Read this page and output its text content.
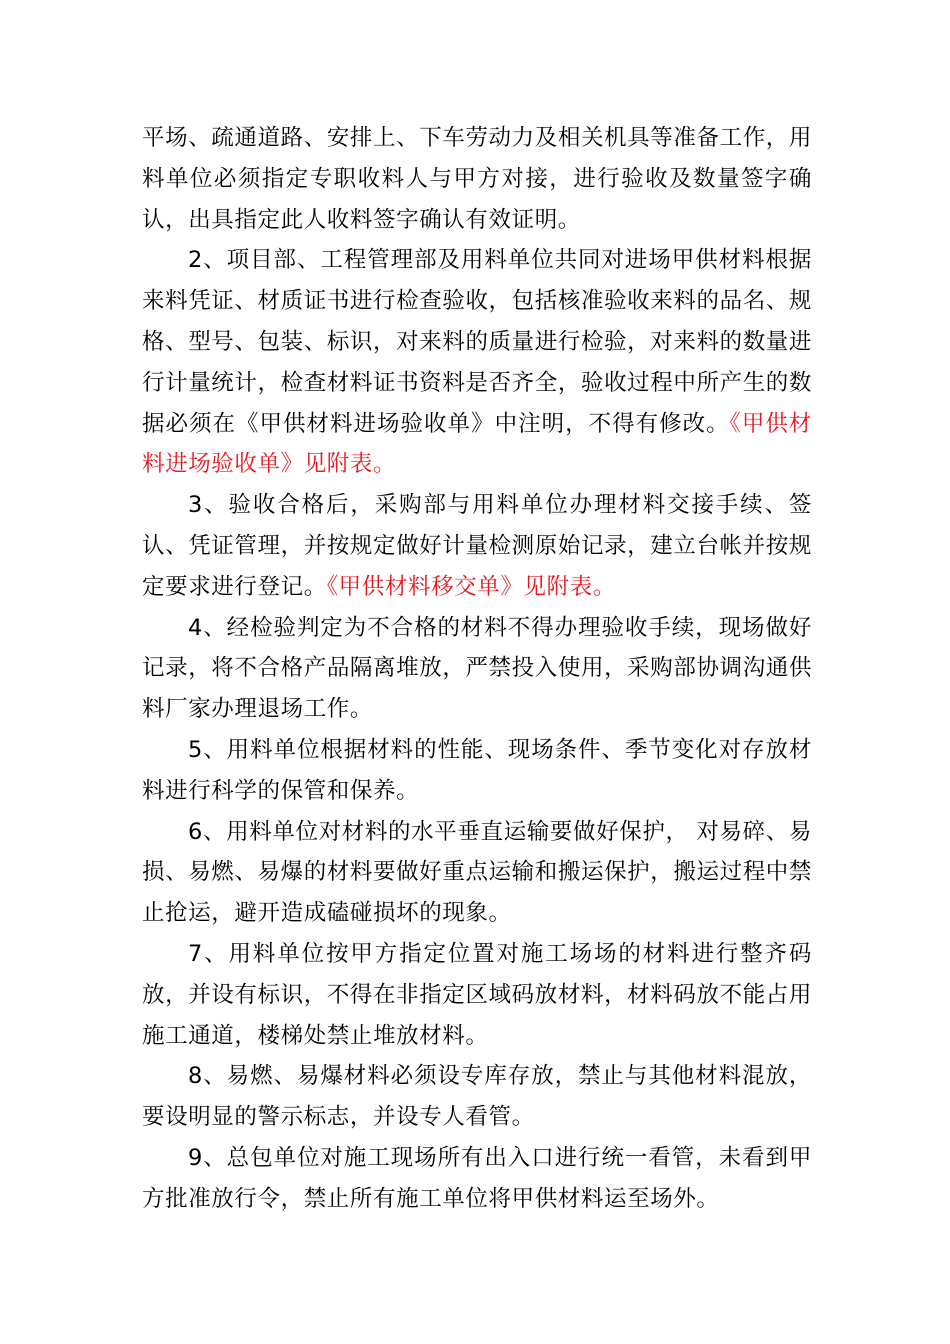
平场、疏通道路、安排上、下车劳动力及相关机具等准备工作，用料单位必须指定专职收料人与甲方对接，进行验收及数量签字确认，出具指定此人收料签字确认有效证明。

2、项目部、工程管理部及用料单位共同对进场甲供材料根据来料凭证、材质证书进行检查验收，包括核准验收来料的品名、规格、型号、包装、标识，对来料的质量进行检验，对来料的数量进行计量统计，检查材料证书资料是否齐全，验收过程中所产生的数据必须在《甲供材料进场验收单》中注明，不得有修改。《甲供材料进场验收单》见附表。

3、验收合格后，采购部与用料单位办理材料交接手续、签认、凭证管理，并按规定做好计量检测原始记录，建立台帐并按规定要求进行登记。《甲供材料移交单》见附表。

4、经检验判定为不合格的材料不得办理验收手续，现场做好记录，将不合格产品隔离堆放，严禁投入使用，采购部协调沟通供料厂家办理退场工作。

5、用料单位根据材料的性能、现场条件、季节变化对存放材料进行科学的保管和保养。

6、用料单位对材料的水平垂直运输要做好保护， 对易碎、易损、易燃、易爆的材料要做好重点运输和搬运保护，搬运过程中禁止抢运，避开造成磕碰损坏的现象。

7、用料单位按甲方指定位置对施工场场的材料进行整齐码放，并设有标识，不得在非指定区域码放材料，材料码放不能占用施工通道，楼梯处禁止堆放材料。

8、易燃、易爆材料必须设专库存放，禁止与其他材料混放，要设明显的警示标志，并设专人看管。

9、总包单位对施工现场所有出入口进行统一看管，未看到甲方批准放行令，禁止所有施工单位将甲供材料运至场外。
